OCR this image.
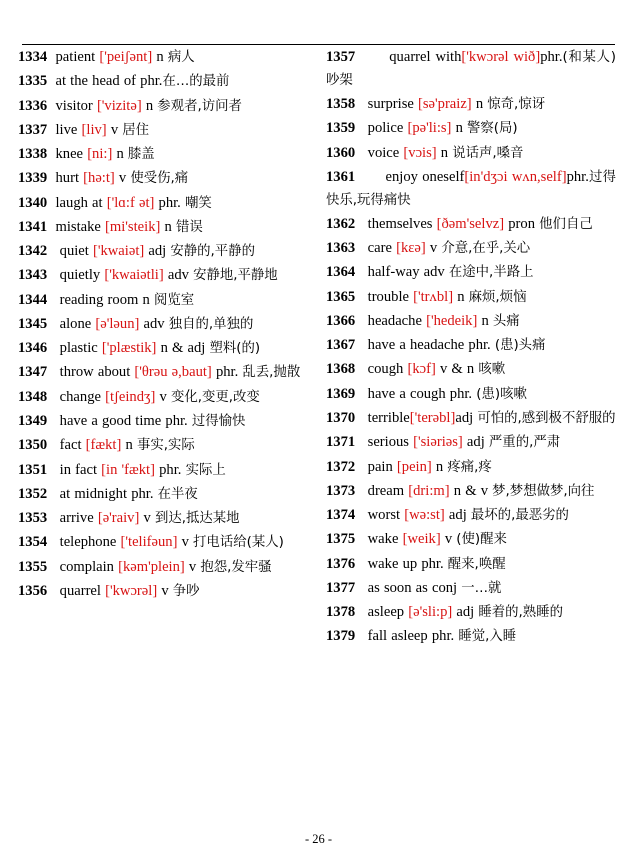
1334 patient ['peiʃənt] n 病人

1335 at the head of phr.在…的最前

1336 visitor ['vizitə] n 参观者,访问者

1337 live [liv] v 居住

1338 knee [ni:] n 膝盖

1339 hurt [hə:t] v 使受伤,痛

1340 laugh at ['lɑ:f ət] phr. 嘲笑

1341 mistake [mi'steik] n 错误

1342 quiet ['kwaiət] adj 安静的,平静的

1343 quietly ['kwaiətli] adv 安静地,平静地

1344 reading room n 阅览室

1345 alone [ə'ləun] adv 独自的,单独的

1346 plastic ['plæstik] n & adj 塑料(的)

1347 throw about ['θrəu ə,baut] phr. 乱丢,抛散

1348 change [tʃeindʒ] v 变化,变更,改变

1349 have a good time phr. 过得愉快

1350 fact [fækt] n 事实,实际

1351 in fact [in 'fækt] phr. 实际上

1352 at midnight phr. 在半夜

1353 arrive [ə'raiv] v 到达,抵达某地

1354 telephone ['telifəun] v 打电话给(某人)

1355 complain [kəm'plein] v 抱怨,发牢骚

1356 quarrel ['kwɔrəl] v 争吵

1357 quarrel with['kwɔrəl wið]phr.(和某人)吵架

1358 surprise [sə'praiz] n 惊奇,惊讶

1359 police [pə'li:s] n 警察(局)

1360 voice [vɔis] n 说话声,嗓音

1361 enjoy oneself[in'dʒɔi wʌn,self]phr.过得快乐,玩得痛快

1362 themselves [ðəm'selvz] pron 他们自己

1363 care [kɛə] v 介意,在乎,关心

1364 half-way adv 在途中,半路上

1365 trouble ['trʌbl] n 麻烦,烦恼

1366 headache ['hedeik] n 头痛

1367 have a headache phr. (患)头痛

1368 cough [kɔf] v & n 咳嗽

1369 have a cough phr. (患)咳嗽

1370 terrible['terəbl]adj 可怕的,感到极不舒服的

1371 serious ['siəriəs] adj 严重的,严肃

1372 pain [pein] n 疼痛,疼

1373 dream [dri:m] n & v 梦,梦想做梦,向往

1374 worst [wə:st] adj 最坏的,最恶劣的

1375 wake [weik] v (使)醒来

1376 wake up phr. 醒来,唤醒

1377 as soon as conj 一…就

1378 asleep [ə'sli:p] adj 睡着的,熟睡的

1379 fall asleep phr. 睡觉,入睡

- 26 -
